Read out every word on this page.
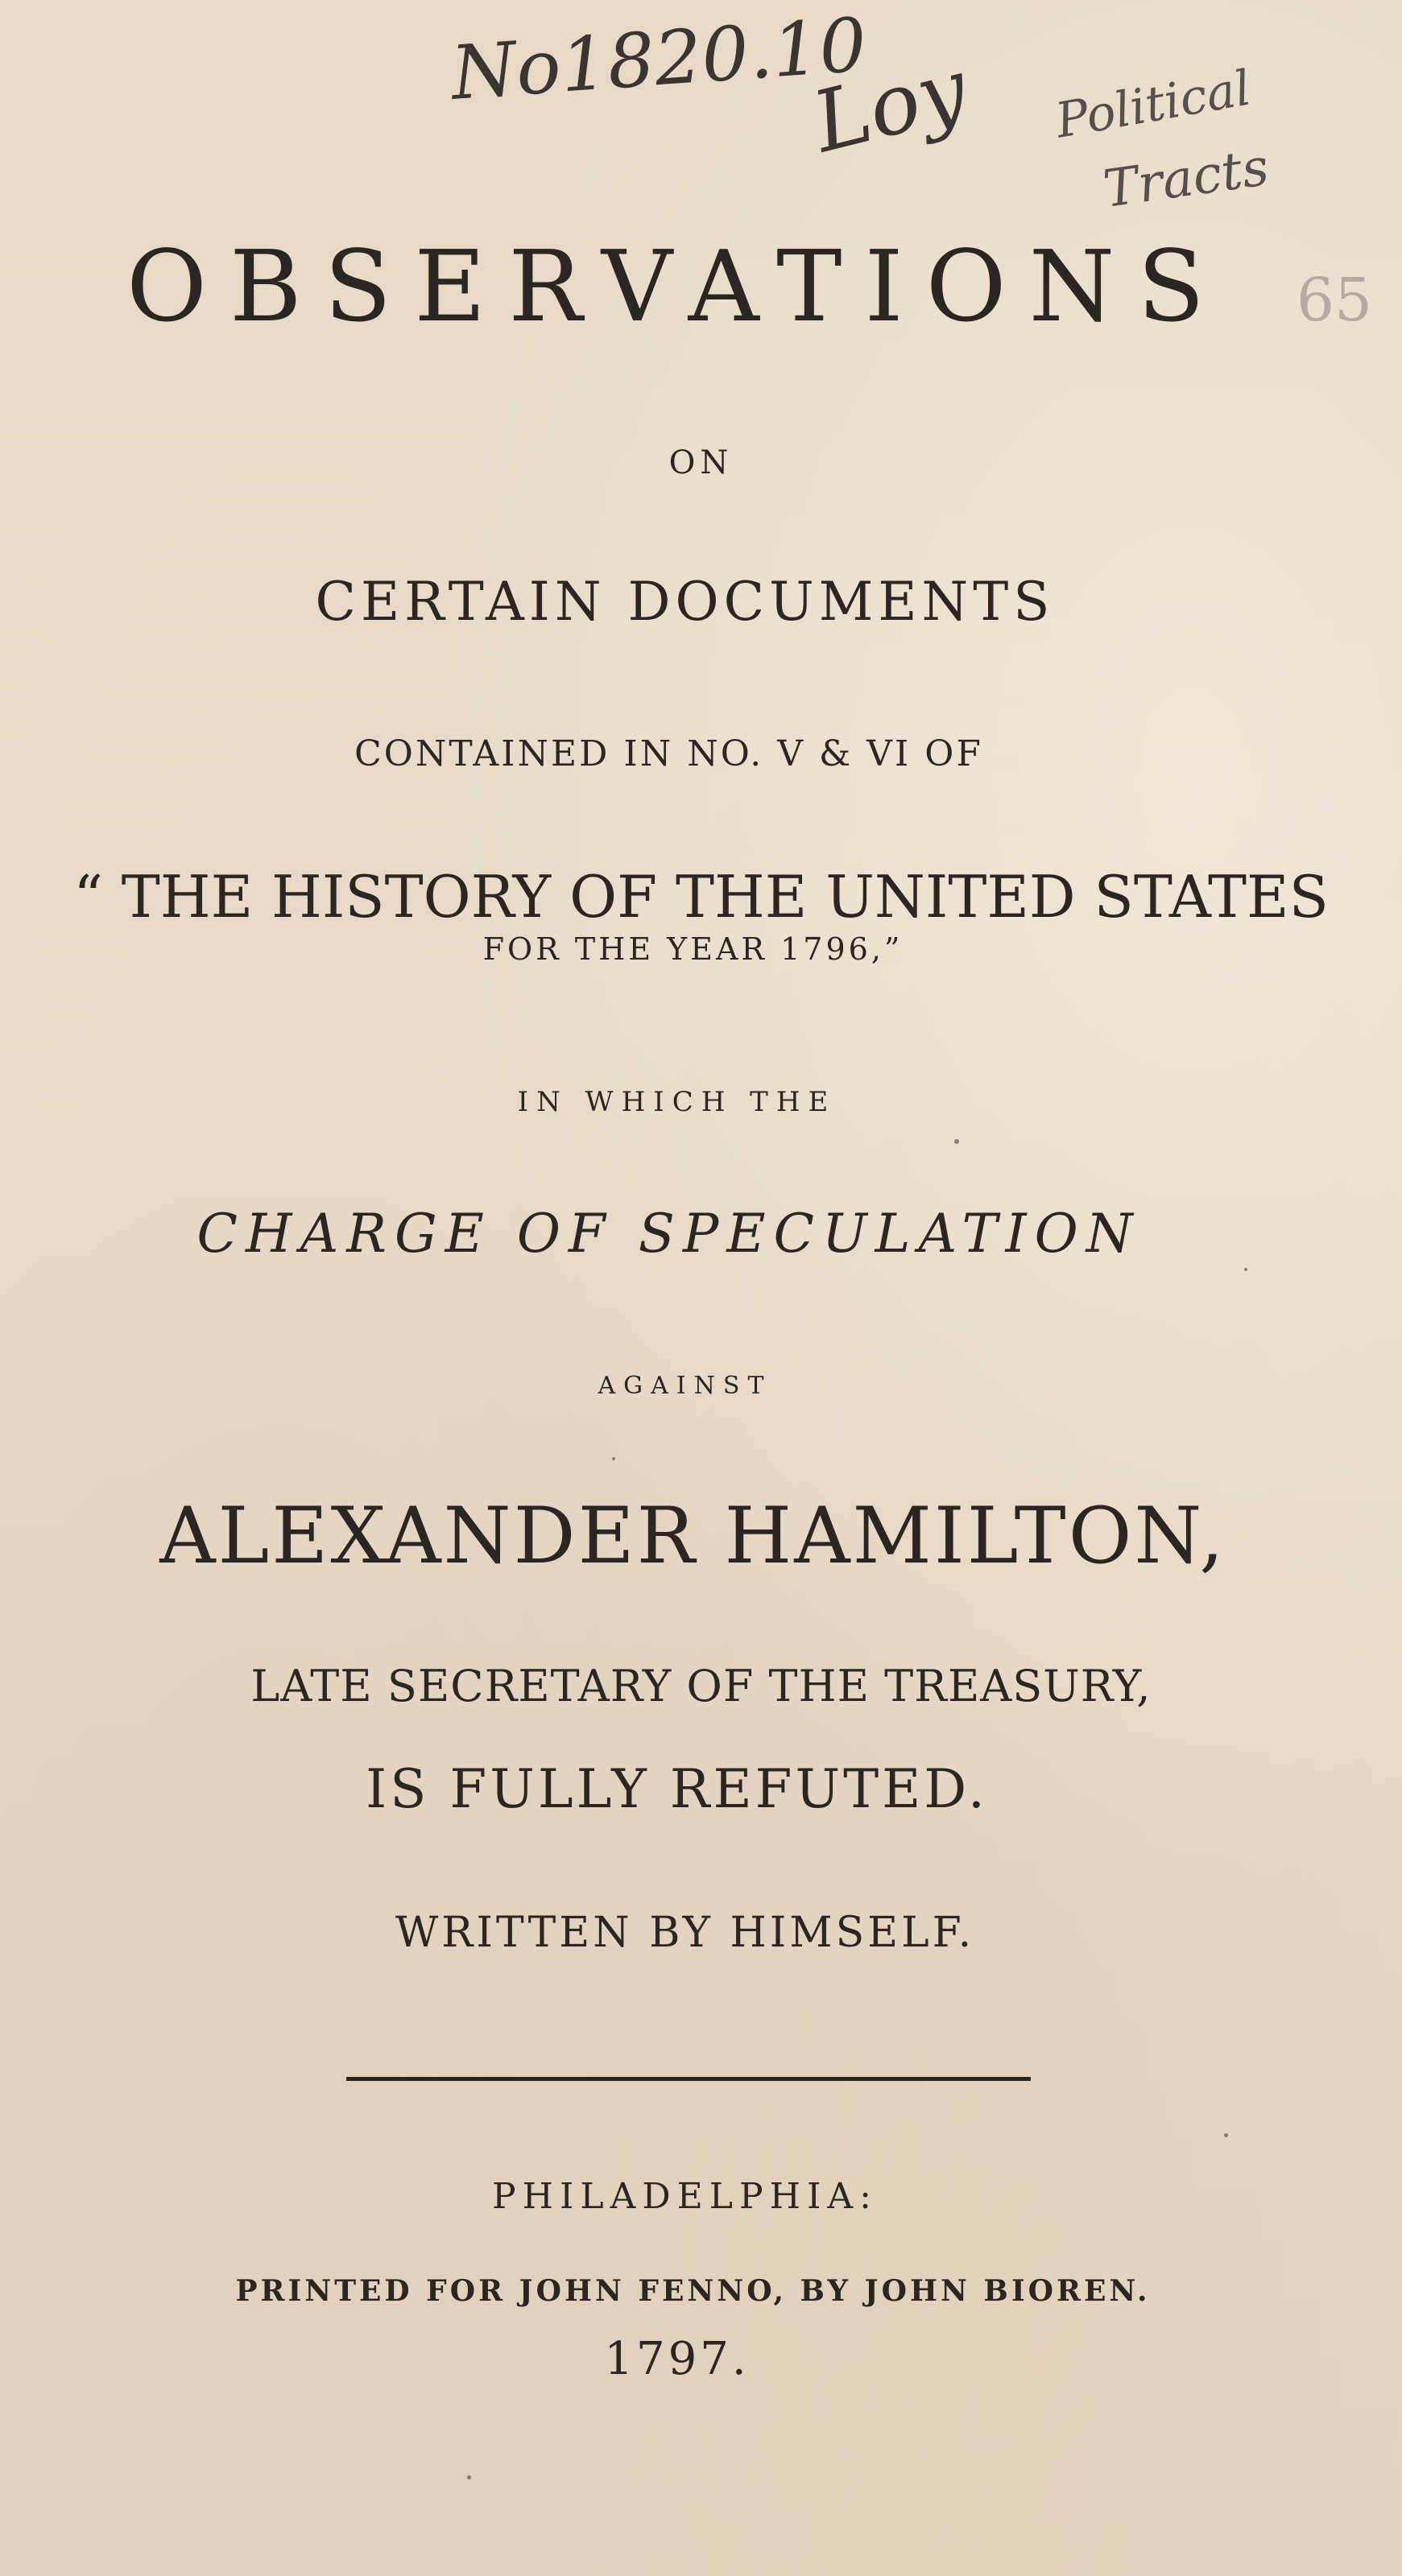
No1820.10
Loy Political
Tracts
65
OBSERVATIONS
ON
CERTAIN DOCUMENTS
CONTAINED IN NO. V & VI OF
“ THE HISTORY OF THE UNITED STATES
FOR THE YEAR 1796,”
IN WHICH THE
CHARGE OF SPECULATION
AGAINST
ALEXANDER HAMILTON,
LATE SECRETARY OF THE TREASURY,
IS FULLY REFUTED.
WRITTEN BY HIMSELF.
PHILADELPHIA:
PRINTED FOR JOHN FENNO, BY JOHN BIOREN.
1797.
